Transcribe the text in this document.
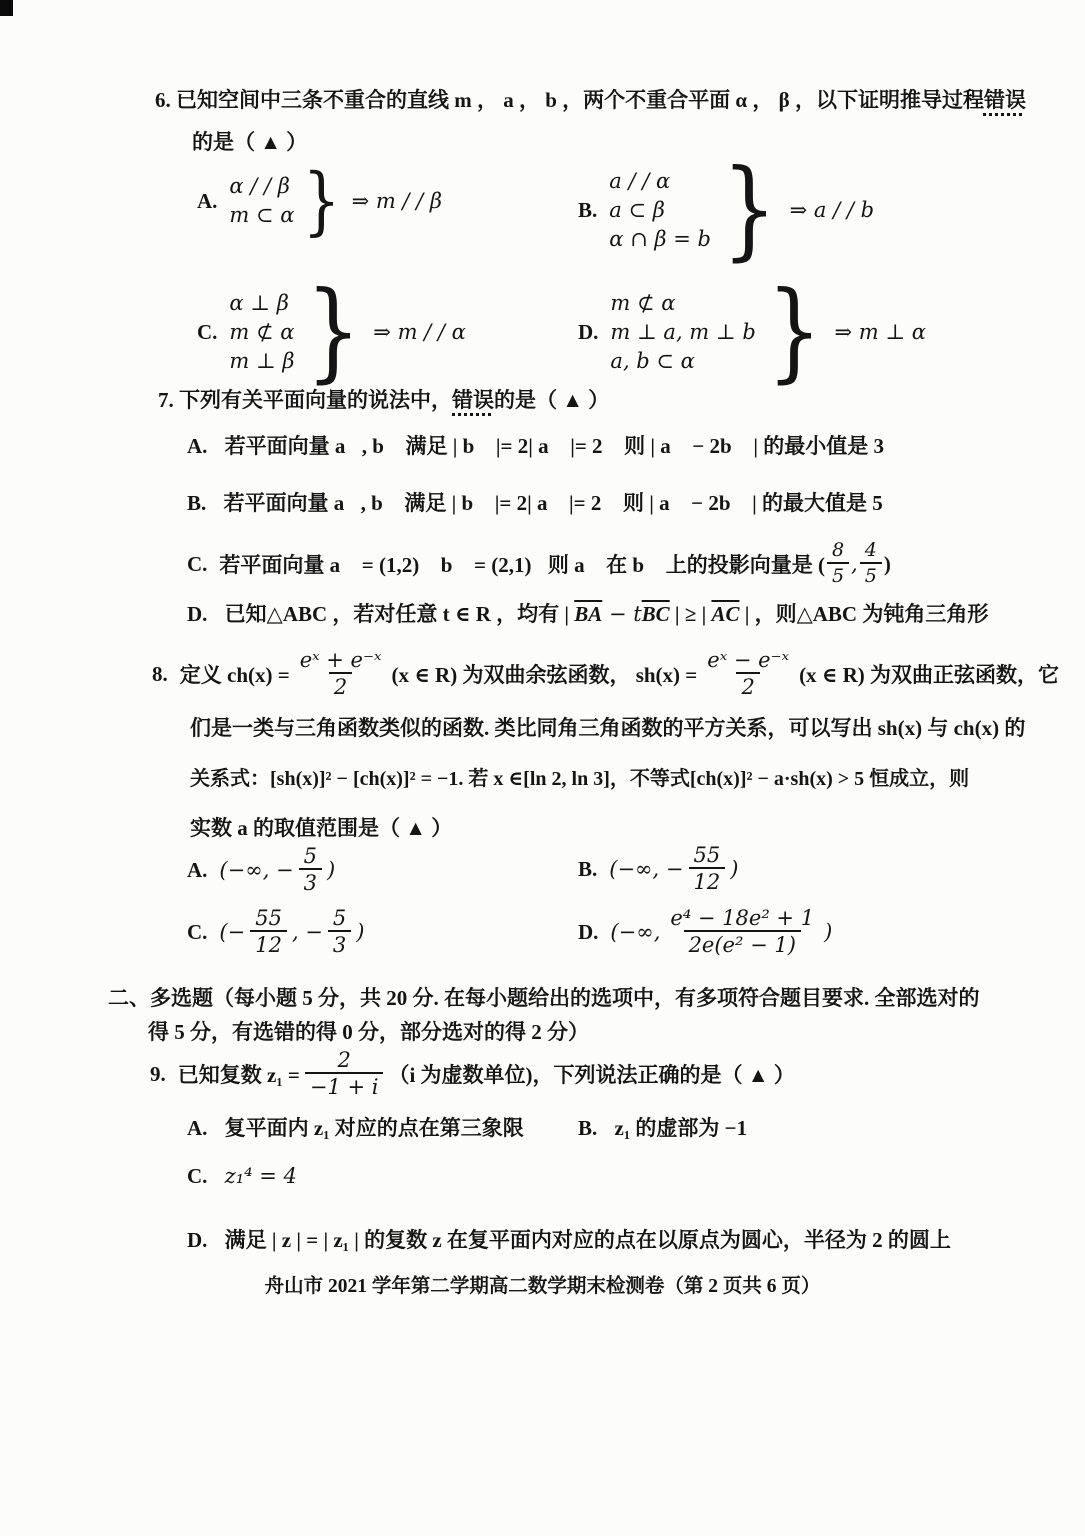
6. 已知空间中三条不重合的直线 m ， a ， b ，两个不重合平面 α ， β ，以下证明推导过程错误
的是（ ▲ ）
A.
α / / β
m ⊂ α } ⇒ m / / β	B.
a / / α
a ⊂ β
α ∩ β = b } ⇒ a / / b
C.
α ⊥ β
m ⊄ α
m ⊥ β } ⇒ m / / α	D.
m ⊄ α
m ⊥ a, m ⊥ b
a, b ⊂ α } ⇒ m ⊥ α
7. 下列有关平面向量的说法中，错误的是（ ▲ ）
A. 若平面向量 a⃗, b⃗ 满足 | b⃗ |= 2| a⃗ |= 2 ，则 | a⃗ − 2b⃗ | 的最小值是 3
B. 若平面向量 a⃗, b⃗ 满足 | b⃗ |= 2| a⃗ |= 2 ，则 | a⃗ − 2b⃗ | 的最大值是 5
C. 若平面向量 a⃗ = (1,2)， b⃗ = (2,1)，则 a⃗ 在 b⃗ 上的投影向量是 ( $\frac{8}{5}$ , $\frac{4}{5}$ )
D. 已知△ABC ，若对任意 t ∈ R ，均有 | $\overline{BA} - t\overline{BC}$ | ≥ | $\overline{AC}$ | ，则△ABC 为钝角三角形
8. 定义 $ch(x) = \frac{\text{eˣ + e⁻ˣ}}{2} (x$ ∈ R) 为双曲余弦函数， $sh(x) = \frac{\text{eˣ − e⁻ˣ}}{2} (x$ ∈ R) 为双曲正弦函数，它
们是一类与三角函数类似的函数. 类比同角三角函数的平方关系，可以写出 sh(x) 与 ch(x) 的
关系式：[sh(x)]² − [ch(x)]² = −1. 若 x ∈[ln 2, ln 3]，不等式[ch(x)]² − a·sh(x) > 5 恒成立，则
实数 a 的取值范围是（ ▲ ）
A. (−∞, − $\frac{5}{3}$ )	B. (−∞, − $\frac{55}{12}$ )
C. (− $\frac{55}{12}$ , − $\frac{5}{3}$ )	D. (−∞, $\frac{\text{e⁴ − 18e² + 1}}{\text{2e(e² − 1)}}$ )
二、多选题（每小题 5 分，共 20 分. 在每小题给出的选项中，有多项符合题目要求. 全部选对的
得 5 分，有选错的得 0 分，部分选对的得 2 分）
9. 已知复数 $z_1 = \frac{2}{-1 + i} (i$ 为虚数单位)，下列说法正确的是（ ▲ ）
A. 复平面内 z₁ 对应的点在第三象限	B. z₁ 的虚部为 −1
C. z₁⁴ = 4
D. 满足 | z | = | z₁ | 的复数 z 在复平面内对应的点在以原点为圆心，半径为 2 的圆上
舟山市 2021 学年第二学期高二数学期末检测卷（第 2 页共 6 页）
